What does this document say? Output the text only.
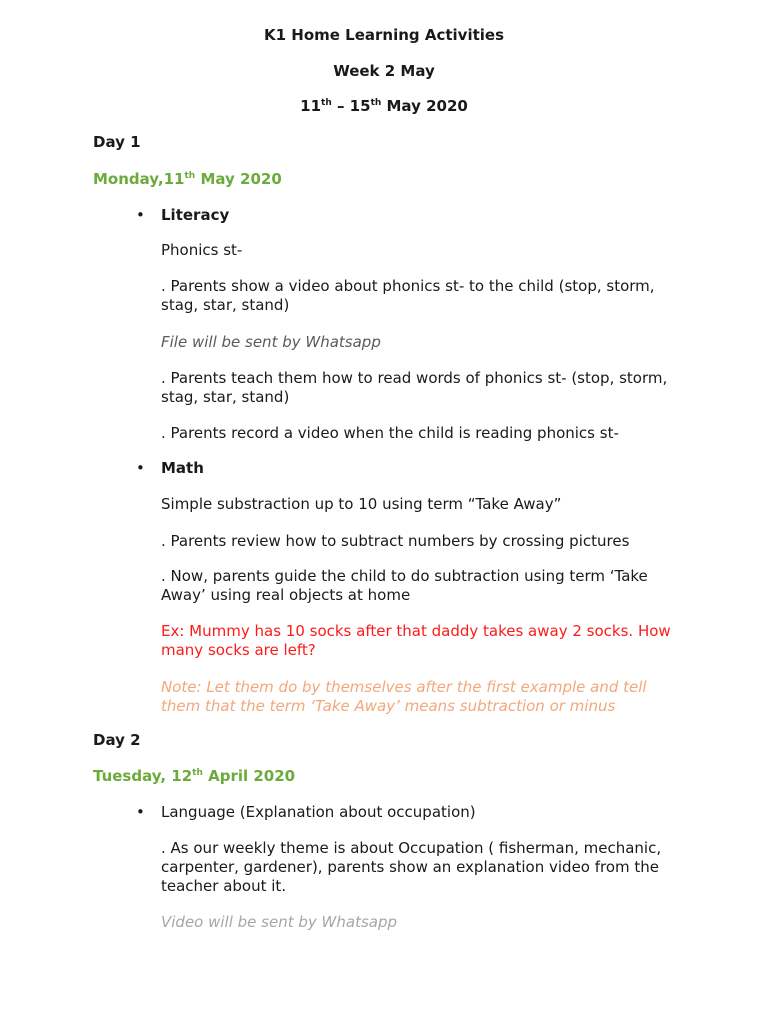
K1 Home Learning Activities

Week 2 May

11th – 15th May 2020

Day 1

Monday,11th May 2020

• Literacy

Phonics st-

. Parents show a video about phonics st- to the child (stop, storm, stag, star, stand)

File will be sent by Whatsapp

. Parents teach them how to read words of phonics st- (stop, storm, stag, star, stand)

. Parents record a video when the child is reading phonics st-

• Math

Simple substraction up to 10 using term “Take Away”

. Parents review how to subtract numbers by crossing pictures

. Now, parents guide the child to do subtraction using term ‘Take Away’ using real objects at home

Ex: Mummy has 10 socks after that daddy takes away 2 socks. How many socks are left?

Note: Let them do by themselves after the first example and tell them that the term ‘Take Away’ means subtraction or minus

Day 2

Tuesday, 12th April 2020

• Language (Explanation about occupation)

. As our weekly theme is about Occupation ( fisherman, mechanic, carpenter, gardener), parents show an explanation video from the teacher about it.

Video will be sent by Whatsapp
